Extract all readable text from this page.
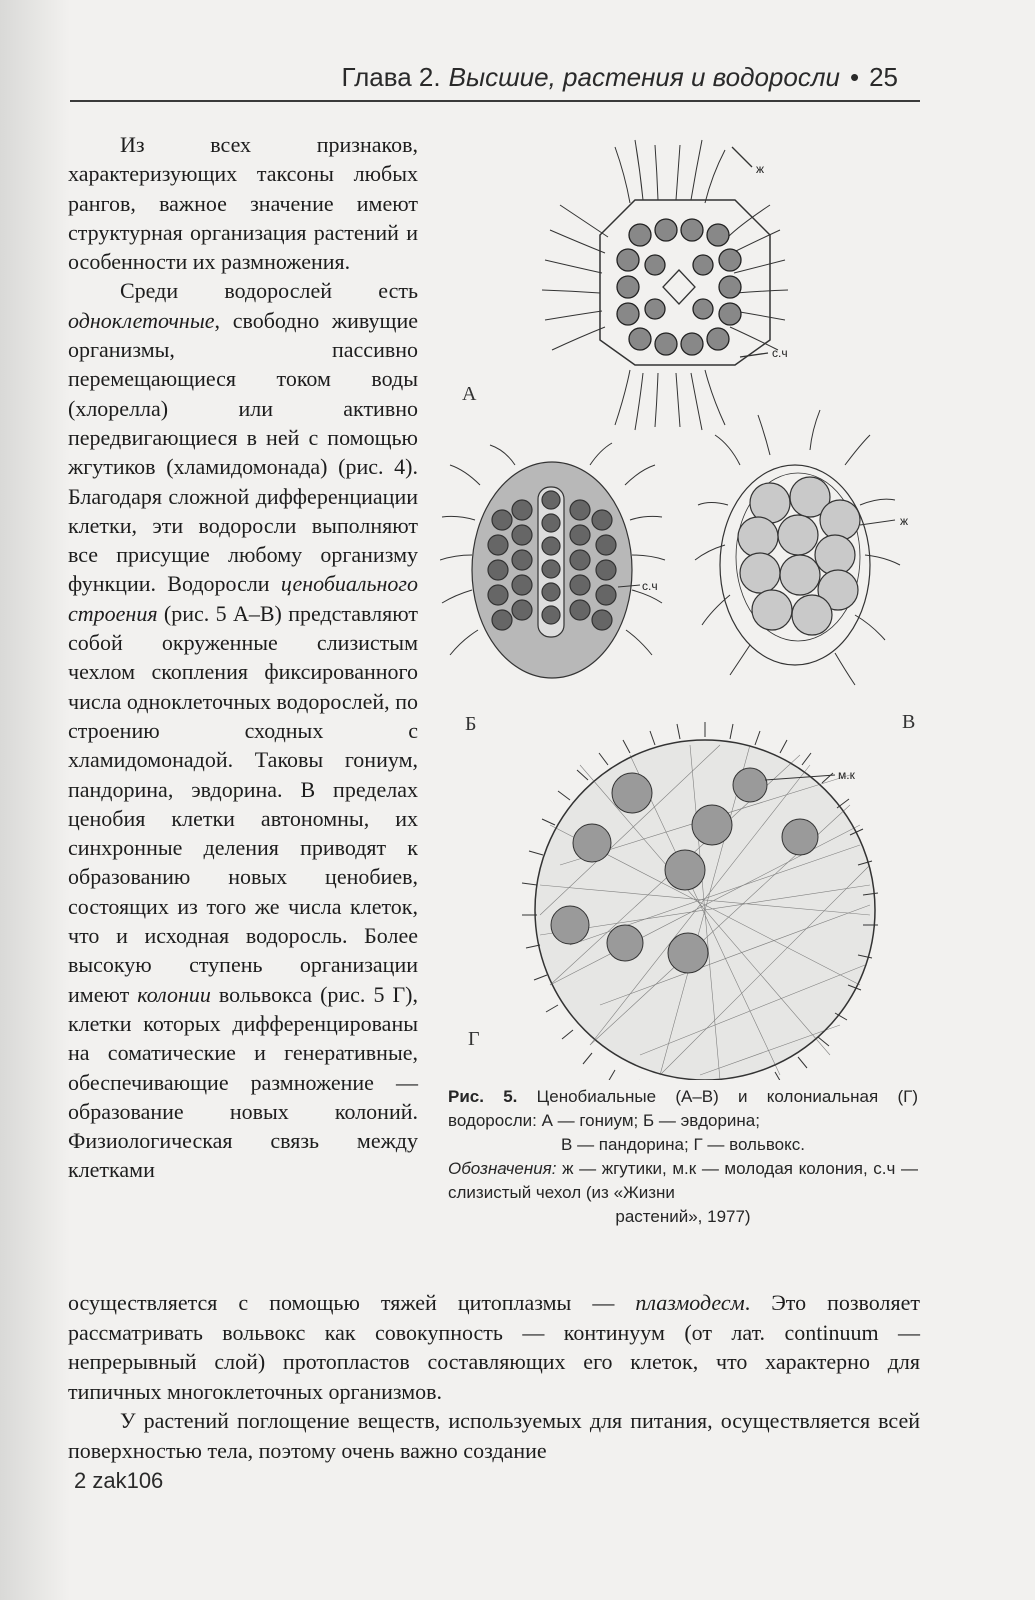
Глава 2. Высшие, растения и водоросли • 25

Из всех признаков, характеризующих таксоны любых рангов, важное значение имеют структурная организация растений и особенности их размножения.

Среди водорослей есть одноклеточные, свободно живущие организмы, пассивно перемещающиеся током воды (хлорелла) или активно передвигающиеся в ней с помощью жгутиков (хламидомонада) (рис. 4). Благодаря сложной дифференциации клетки, эти водоросли выполняют все присущие любому организму функции. Водоросли ценобиального строения (рис. 5 А–В) представляют собой окруженные слизистым чехлом скопления фиксированного числа одноклеточных водорослей, по строению сходных с хламидомонадой. Таковы гониум, пандорина, эвдорина. В пределах ценобия клетки автономны, их синхронные деления приводят к образованию новых ценобиев, состоящих из того же числа клеток, что и исходная водоросль. Более высокую ступень организации имеют колонии вольвокса (рис. 5 Г), клетки которых дифференцированы на соматические и генеративные, обеспечивающие размножение — образование новых колоний. Физиологическая связь между клетками

ж
с.ч
с.ч
ж
м.к
А
Б	В
Г

Рис. 5. Ценобиальные (А–В) и колониальная (Г) водоросли: А — гониум; Б — эвдорина;
В — пандорина; Г — вольвокс.

Обозначения: ж — жгутики, м.к — молодая колония, с.ч — слизистый чехол (из «Жизни
растений», 1977)

осуществляется с помощью тяжей цитоплазмы — плазмодесм. Это позволяет рассматривать вольвокс как совокупность — континуум (от лат. continuum — непрерывный слой) протопластов составляющих его клеток, что характерно для типичных многоклеточных организмов.

У растений поглощение веществ, используемых для питания, осуществляется всей поверхностью тела, поэтому очень важно создание

2 zak106
